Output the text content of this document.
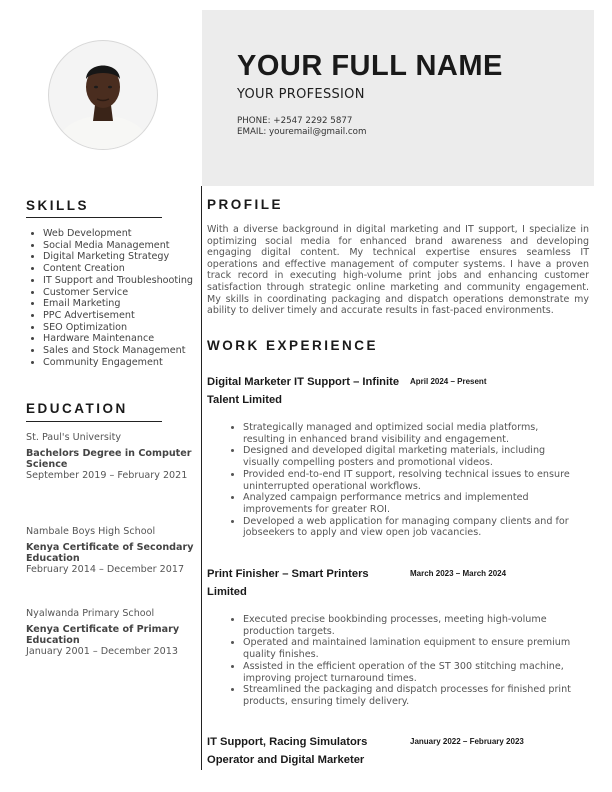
YOUR FULL NAME
YOUR PROFESSION
PHONE: +2547 2292 5877
EMAIL: youremail@gmail.com
SKILLS
• Web Development
• Social Media Management
• Digital Marketing Strategy
• Content Creation
• IT Support and Troubleshooting
• Customer Service
• Email Marketing
• PPC Advertisement
• SEO Optimization
• Hardware Maintenance
• Sales and Stock Management
• Community Engagement
EDUCATION
St. Paul's University
Bachelors Degree in Computer Science
September 2019 – February 2021
Nambale Boys High School
Kenya Certificate of Secondary Education
February 2014 – December 2017
Nyalwanda Primary School
Kenya Certificate of Primary Education
January 2001 – December 2013
PROFILE
With a diverse background in digital marketing and IT support, I specialize in optimizing social media for enhanced brand awareness and developing engaging digital content. My technical expertise ensures seamless IT operations and effective management of computer systems. I have a proven track record in executing high-volume print jobs and enhancing customer satisfaction through strategic online marketing and community engagement. My skills in coordinating packaging and dispatch operations demonstrate my ability to deliver timely and accurate results in fast-paced environments.
WORK EXPERIENCE
Digital Marketer IT Support – Infinite Talent Limited
April 2024 – Present
• Strategically managed and optimized social media platforms, resulting in enhanced brand visibility and engagement.
• Designed and developed digital marketing materials, including visually compelling posters and promotional videos.
• Provided end-to-end IT support, resolving technical issues to ensure uninterrupted operational workflows.
• Analyzed campaign performance metrics and implemented improvements for greater ROI.
• Developed a web application for managing company clients and for jobseekers to apply and view open job vacancies.
Print Finisher – Smart Printers Limited
March 2023 – March 2024
• Executed precise bookbinding processes, meeting high-volume production targets.
• Operated and maintained lamination equipment to ensure premium quality finishes.
• Assisted in the efficient operation of the ST 300 stitching machine, improving project turnaround times.
• Streamlined the packaging and dispatch processes for finished print products, ensuring timely delivery.
IT Support, Racing Simulators Operator and Digital Marketer
January 2022 – February 2023
